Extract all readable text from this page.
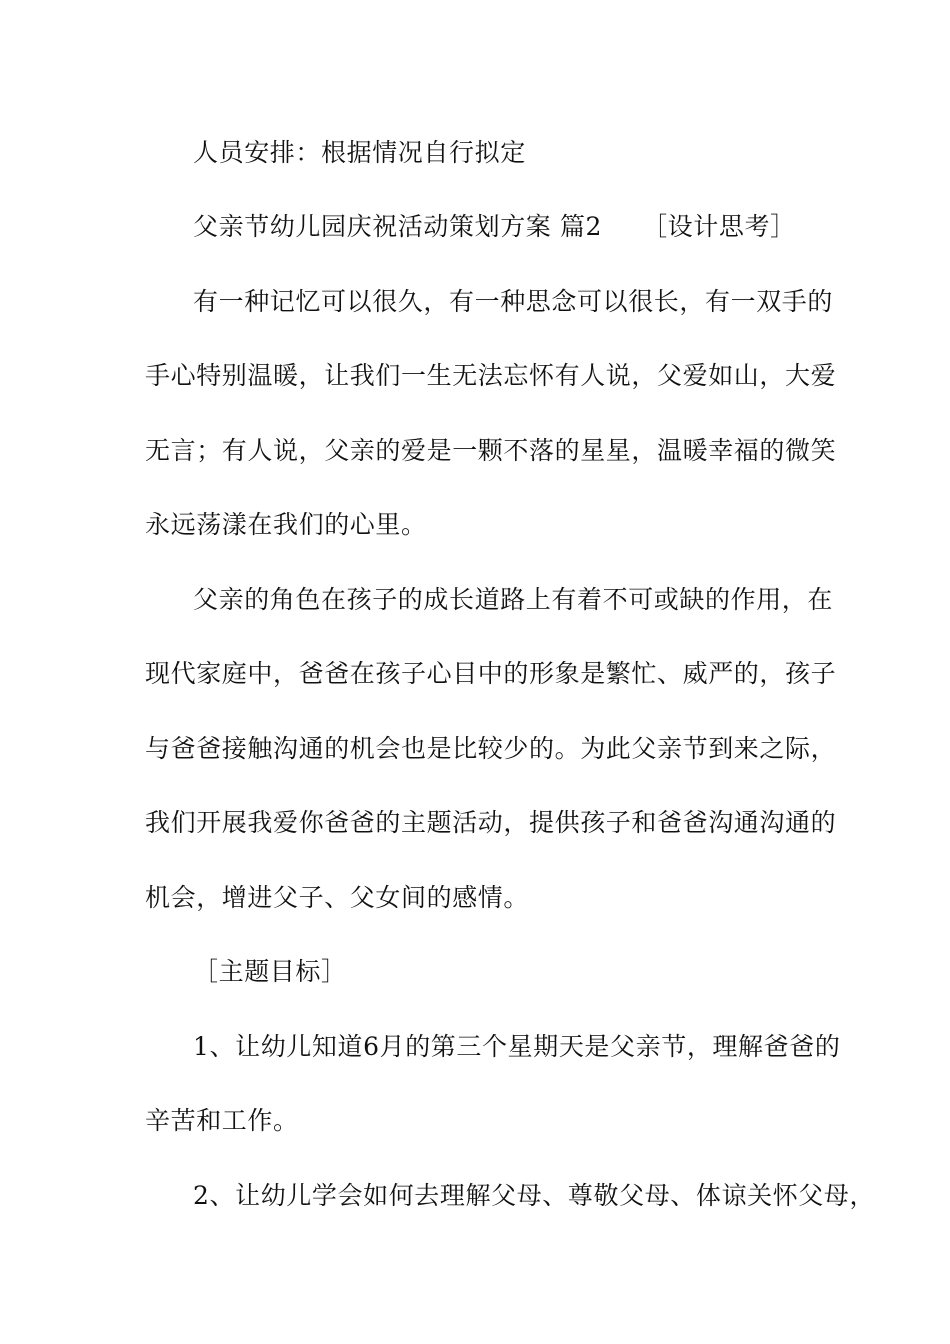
人员安排：根据情况自行拟定

父亲节幼儿园庆祝活动策划方案 篇2 ［设计思考］

有一种记忆可以很久，有一种思念可以很长，有一双手的

手心特别温暖，让我们一生无法忘怀有人说，父爱如山，大爱

无言；有人说，父亲的爱是一颗不落的星星，温暖幸福的微笑

永远荡漾在我们的心里。

父亲的角色在孩子的成长道路上有着不可或缺的作用，在

现代家庭中，爸爸在孩子心目中的形象是繁忙、威严的，孩子

与爸爸接触沟通的机会也是比较少的。为此父亲节到来之际，

我们开展我爱你爸爸的主题活动，提供孩子和爸爸沟通沟通的

机会，增进父子、父女间的感情。

［主题目标］

1、让幼儿知道6月的第三个星期天是父亲节，理解爸爸的

辛苦和工作。

2、让幼儿学会如何去理解父母、尊敬父母、体谅关怀父母，
